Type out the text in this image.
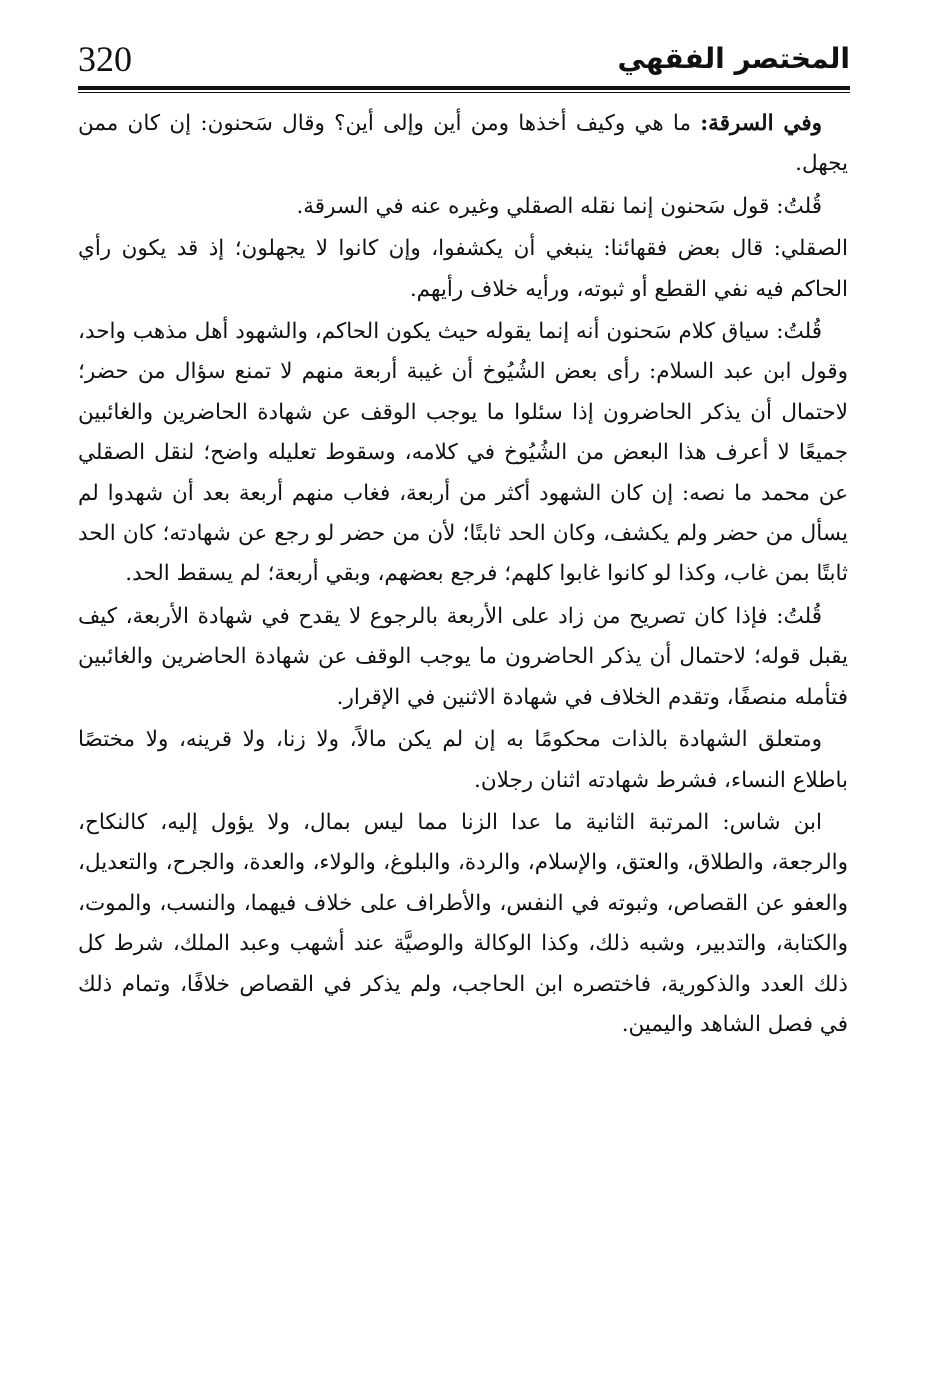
320	المختصر الفقهي

وفي السرقة: ما هي وكيف أخذها ومن أين وإلى أين؟ وقال سَحنون: إن كان ممن يجهل.

قُلتُ: قول سَحنون إنما نقله الصقلي وغيره عنه في السرقة.

الصقلي: قال بعض فقهائنا: ينبغي أن يكشفوا، وإن كانوا لا يجهلون؛ إذ قد يكون رأي الحاكم فيه نفي القطع أو ثبوته، ورأيه خلاف رأيهم.

قُلتُ: سياق كلام سَحنون أنه إنما يقوله حيث يكون الحاكم، والشهود أهل مذهب واحد، وقول ابن عبد السلام: رأى بعض الشُيُوخ أن غيبة أربعة منهم لا تمنع سؤال من حضر؛ لاحتمال أن يذكر الحاضرون إذا سئلوا ما يوجب الوقف عن شهادة الحاضرين والغائبين جميعًا لا أعرف هذا البعض من الشُيُوخ في كلامه، وسقوط تعليله واضح؛ لنقل الصقلي عن محمد ما نصه: إن كان الشهود أكثر من أربعة، فغاب منهم أربعة بعد أن شهدوا لم يسأل من حضر ولم يكشف، وكان الحد ثابتًا؛ لأن من حضر لو رجع عن شهادته؛ كان الحد ثابتًا بمن غاب، وكذا لو كانوا غابوا كلهم؛ فرجع بعضهم، وبقي أربعة؛ لم يسقط الحد.

قُلتُ: فإذا كان تصريح من زاد على الأربعة بالرجوع لا يقدح في شهادة الأربعة، كيف يقبل قوله؛ لاحتمال أن يذكر الحاضرون ما يوجب الوقف عن شهادة الحاضرين والغائبين فتأمله منصفًا، وتقدم الخلاف في شهادة الاثنين في الإقرار.

ومتعلق الشهادة بالذات محكومًا به إن لم يكن مالاً، ولا زنا، ولا قرينه، ولا مختصًا باطلاع النساء، فشرط شهادته اثنان رجلان.

ابن شاس: المرتبة الثانية ما عدا الزنا مما ليس بمال، ولا يؤول إليه، كالنكاح، والرجعة، والطلاق، والعتق، والإسلام، والردة، والبلوغ، والولاء، والعدة، والجرح، والتعديل، والعفو عن القصاص، وثبوته في النفس، والأطراف على خلاف فيهما، والنسب، والموت، والكتابة، والتدبير، وشبه ذلك، وكذا الوكالة والوصيَّة عند أشهب وعبد الملك، شرط كل ذلك العدد والذكورية، فاختصره ابن الحاجب، ولم يذكر في القصاص خلافًا، وتمام ذلك في فصل الشاهد واليمين.
